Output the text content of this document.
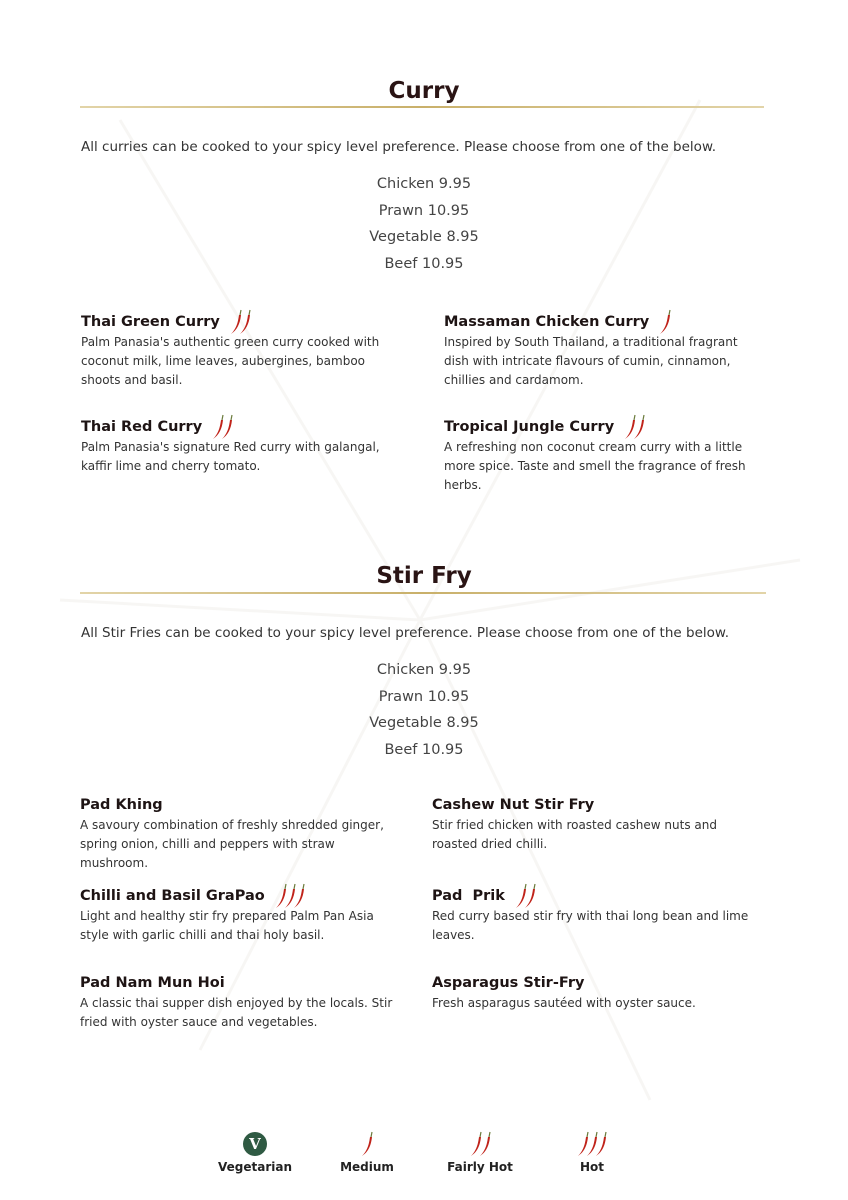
Curry
All curries can be cooked to your spicy level preference. Please choose from one of the below.
Chicken 9.95
Prawn 10.95
Vegetable 8.95
Beef 10.95
Thai Green Curry
Palm Panasia's authentic green curry cooked with coconut milk, lime leaves, aubergines, bamboo shoots and basil.
Massaman Chicken Curry
Inspired by South Thailand, a traditional fragrant dish with intricate flavours of cumin, cinnamon, chillies and cardamom.
Thai Red Curry
Palm Panasia's signature Red curry with galangal, kaffir lime and cherry tomato.
Tropical Jungle Curry
A refreshing non coconut cream curry with a little more spice. Taste and smell the fragrance of fresh herbs.
Stir Fry
All Stir Fries can be cooked to your spicy level preference. Please choose from one of the below.
Chicken 9.95
Prawn 10.95
Vegetable 8.95
Beef 10.95
Pad Khing
A savoury combination of freshly shredded ginger, spring onion, chilli and peppers with straw mushroom.
Cashew Nut Stir Fry
Stir fried chicken with roasted cashew nuts and roasted dried chilli.
Chilli and Basil GraPao
Light and healthy stir fry prepared Palm Pan Asia style with garlic chilli and thai holy basil.
Pad  Prik
Red curry based stir fry with thai long bean and lime leaves.
Pad Nam Mun Hoi
A classic thai supper dish enjoyed by the locals. Stir fried with oyster sauce and vegetables.
Asparagus Stir-Fry
Fresh asparagus sautéed with oyster sauce.
V
Vegetarian	Medium	Fairly Hot	Hot
